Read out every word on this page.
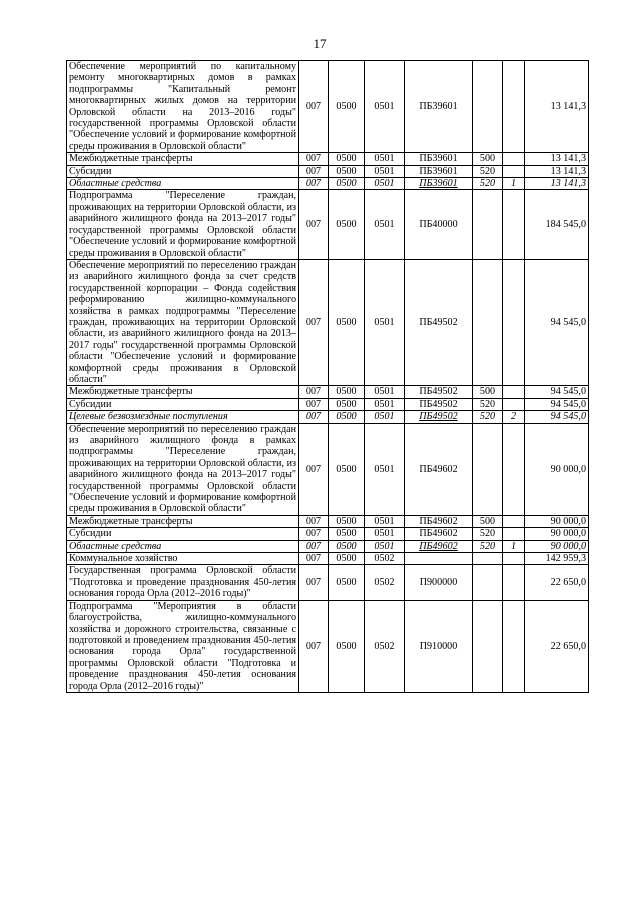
17
Обеспечение мероприятий по капитальному ремонту многоквартирных домов в рамках подпрограммы "Капитальный ремонт многоквартирных жилых домов на территории Орловской области на 2013–2016 годы" государственной программы Орловской области "Обеспечение условий и формирование комфортной среды проживания в Орловской области"	007	0500	0501	ПБ39601			13 141,3
Межбюджетные трансферты	007	0500	0501	ПБ39601	500		13 141,3
Субсидии	007	0500	0501	ПБ39601	520		13 141,3
Областные средства	007	0500	0501	ПБ39601	520	1	13 141,3
Подпрограмма "Переселение граждан, проживающих на территории Орловской области, из аварийного жилищного фонда на 2013–2017 годы" государственной программы Орловской области "Обеспечение условий и формирование комфортной среды проживания в Орловской области"	007	0500	0501	ПБ40000			184 545,0
Обеспечение мероприятий по переселению граждан из аварийного жилищного фонда за счет средств государственной корпорации – Фонда содействия реформированию жилищно-коммунального хозяйства в рамках подпрограммы "Переселение граждан, проживающих на территории Орловской области, из аварийного жилищного фонда на 2013–2017 годы" государственной программы Орловской области "Обеспечение условий и формирование комфортной среды проживания в Орловской области"	007	0500	0501	ПБ49502			94 545,0
Межбюджетные трансферты	007	0500	0501	ПБ49502	500		94 545,0
Субсидии	007	0500	0501	ПБ49502	520		94 545,0
Целевые безвозмездные поступления	007	0500	0501	ПБ49502	520	2	94 545,0
Обеспечение мероприятий по переселению граждан из аварийного жилищного фонда в рамках подпрограммы "Переселение граждан, проживающих на территории Орловской области, из аварийного жилищного фонда на 2013–2017 годы" государственной программы Орловской области "Обеспечение условий и формирование комфортной среды проживания в Орловской области"	007	0500	0501	ПБ49602			90 000,0
Межбюджетные трансферты	007	0500	0501	ПБ49602	500		90 000,0
Субсидии	007	0500	0501	ПБ49602	520		90 000,0
Областные средства	007	0500	0501	ПБ49602	520	1	90 000,0
Коммунальное хозяйство	007	0500	0502				142 959,3
Государственная программа Орловской области "Подготовка и проведение празднования 450-летия основания города Орла (2012–2016 годы)"	007	0500	0502	П900000			22 650,0
Подпрограмма "Мероприятия в области благоустройства, жилищно-коммунального хозяйства и дорожного строительства, связанные с подготовкой и проведением празднования 450-летия основания города Орла" государственной программы Орловской области "Подготовка и проведение празднования 450-летия основания города Орла (2012–2016 годы)"	007	0500	0502	П910000			22 650,0
